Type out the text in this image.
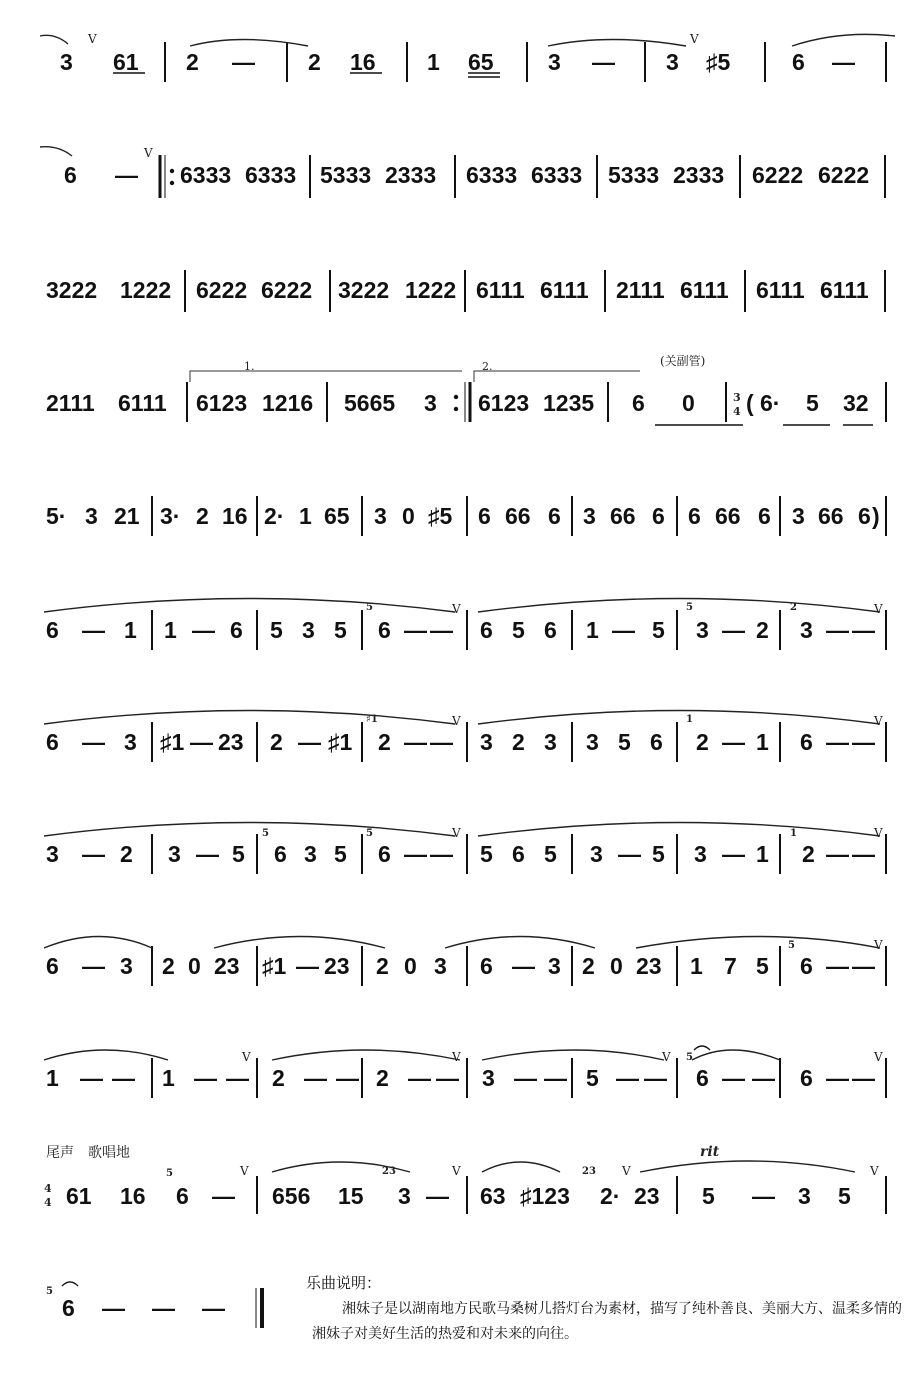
3 61 2 — 2 16 1 65 3 — 3 ♯5	6 —
6 — 6333 6333 5333 2333 6333 6333 5333 2333 6222 6222
3222 1222 6222 6222 3222 1222 6111 6111 2111 6111 6111 6111
2111 6111 6123 1216 5665 3 6123 1235 6 0 ( 6· 5 32
5· 3 21 3· 2 16 2· 1 65 3 0 ♯5 6 66 6 3 66 6 6 66 6 3 66 6 )
6 — 1 1 — 6 5 3 5 6 — — 6 5 6 1 — 5 3 — 2 3 — —
6 — 3 ♯1 — 23 2 — ♯1 2 — — 3 2 3 3 5 6 2 — 1 6 — —
3 — 2 3 — 5 6 3 5 6 — — 5 6 5 3 — 5 3 — 1 2 — —
6 — 3 2 0 23 ♯1 — 23 2 0 3 6 — 3 2 0 23 1 7 5 6 — —
1 — — 1 — — 2 — — 2 — — 3 — — 5 — — 6 — — 6 — —
尾声　歌唱地	rit
61 16 6 — 656 15 3 — 63 ♯123 2· 23 5 — 3 5
6 — — —
1.	2.	(关副管)
3
4
4
4
5	5	2
♯1	1
5	5	1
5
5
5	23	23
5
V	V
V
V	V
V	V
V	V
V
V	V	V	V
V	V	V	V
乐曲说明：
湘妹子是以湖南地方民歌马桑树儿搭灯台为素材，描写了纯朴善良、美丽大方、温柔多情的湘妹子对美好生活的热爱和对未来的向往。
